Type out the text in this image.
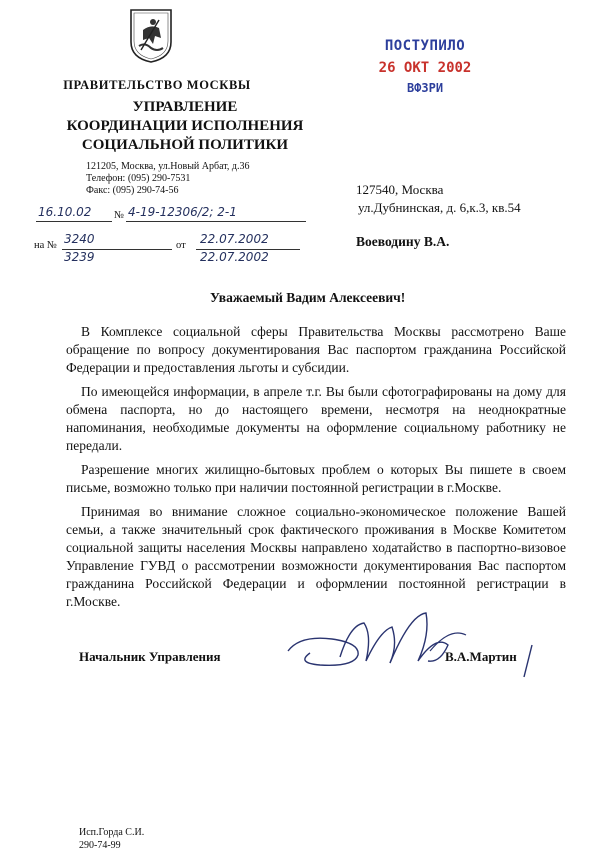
ПРАВИТЕЛЬСТВО МОСКВЫ
УПРАВЛЕНИЕ
КООРДИНАЦИИ ИСПОЛНЕНИЯ
СОЦИАЛЬНОЙ ПОЛИТИКИ
121205, Москва, ул.Новый Арбат, д.36
Телефон: (095) 290-7531
Факс: (095) 290-74-56
ПОСТУПИЛО
26 ОКТ 2002
ВФЗРИ
16.10.02 № 4-19-12306/2; 2-1
на № 3240
3239
от 22.07.2002
22.07.2002
127540, Москва
ул.Дубнинская, д. 6,к.3, кв.54
Воеводину В.А.
Уважаемый Вадим Алексеевич!

В Комплексе социальной сферы Правительства Москвы рассмотрено Ваше обращение по вопросу документирования Вас паспортом гражданина Российской Федерации и предоставления льготы и субсидии.

По имеющейся информации, в апреле т.г. Вы были сфотографированы на дому для обмена паспорта, но до настоящего времени, несмотря на неоднократные напоминания, необходимые документы на оформление социальному работнику не передали.

Разрешение многих жилищно-бытовых проблем о которых Вы пишете в своем письме, возможно только при наличии постоянной регистрации в г.Москве.

Принимая во внимание сложное социально-экономическое положение Вашей семьи, а также значительный срок фактического проживания в Москве Комитетом социальной защиты населения Москвы направлено ходатайство в паспортно-визовое Управление ГУВД о рассмотрении возможности документирования Вас паспортом гражданина Российской Федерации и оформлении постоянной регистрации в г.Москве.

Начальник Управления	В.А.Мартин
Исп.Горда С.И.
290-74-99
